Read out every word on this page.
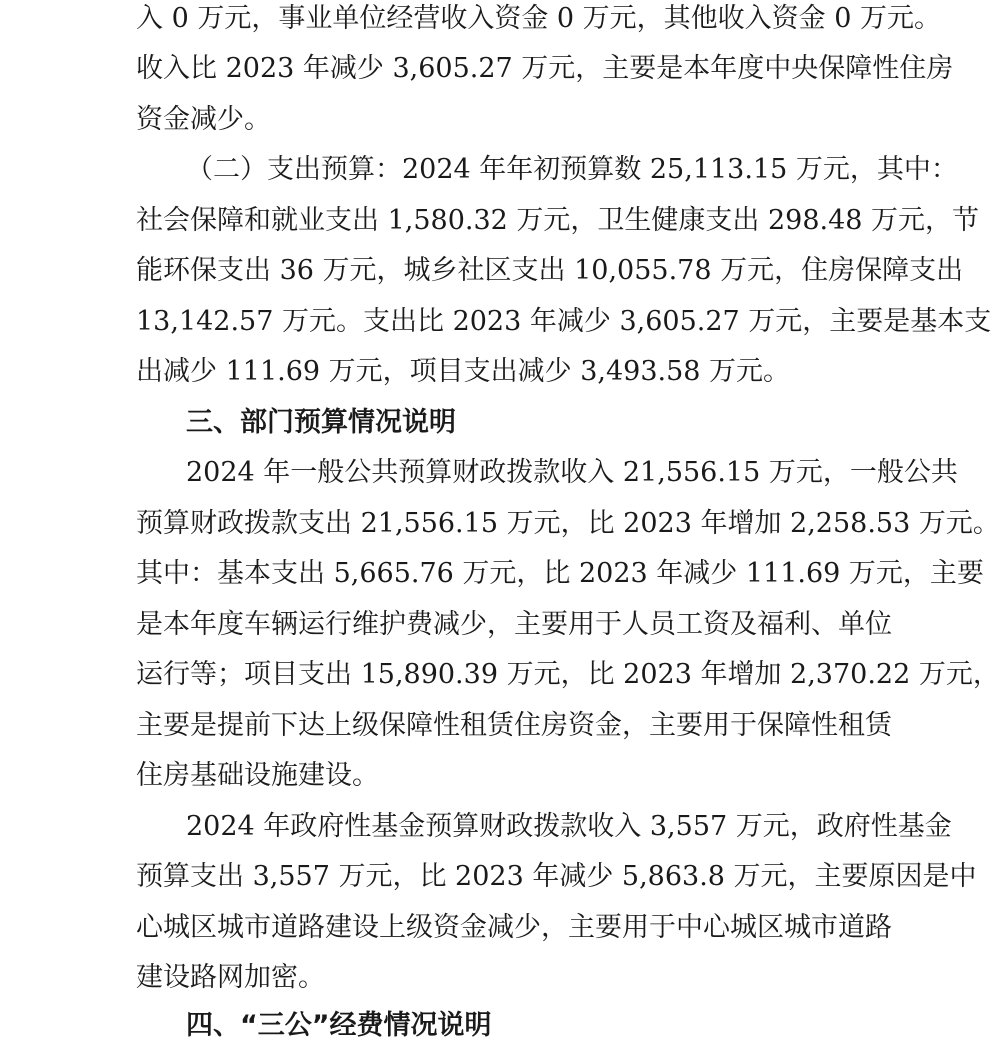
入 0 万元，事业单位经营收入资金 0 万元，其他收入资金 0 万元。
收入比 2023 年减少 3,605.27 万元，主要是本年度中央保障性住房
资金减少。
（二）支出预算：2024 年年初预算数 25,113.15 万元，其中：
社会保障和就业支出 1,580.32 万元，卫生健康支出 298.48 万元，节
能环保支出 36 万元，城乡社区支出 10,055.78 万元，住房保障支出
13,142.57 万元。支出比 2023 年减少 3,605.27 万元，主要是基本支
出减少 111.69 万元，项目支出减少 3,493.58 万元。
三、部门预算情况说明
2024 年一般公共预算财政拨款收入 21,556.15 万元，一般公共
预算财政拨款支出 21,556.15 万元，比 2023 年增加 2,258.53 万元。
其中：基本支出 5,665.76 万元，比 2023 年减少 111.69 万元，主要
是本年度车辆运行维护费减少，主要用于人员工资及福利、单位
运行等；项目支出 15,890.39 万元，比 2023 年增加 2,370.22 万元，
主要是提前下达上级保障性租赁住房资金，主要用于保障性租赁
住房基础设施建设。
2024 年政府性基金预算财政拨款收入 3,557 万元，政府性基金
预算支出 3,557 万元，比 2023 年减少 5,863.8 万元，主要原因是中
心城区城市道路建设上级资金减少，主要用于中心城区城市道路
建设路网加密。
四、“三公”经费情况说明
